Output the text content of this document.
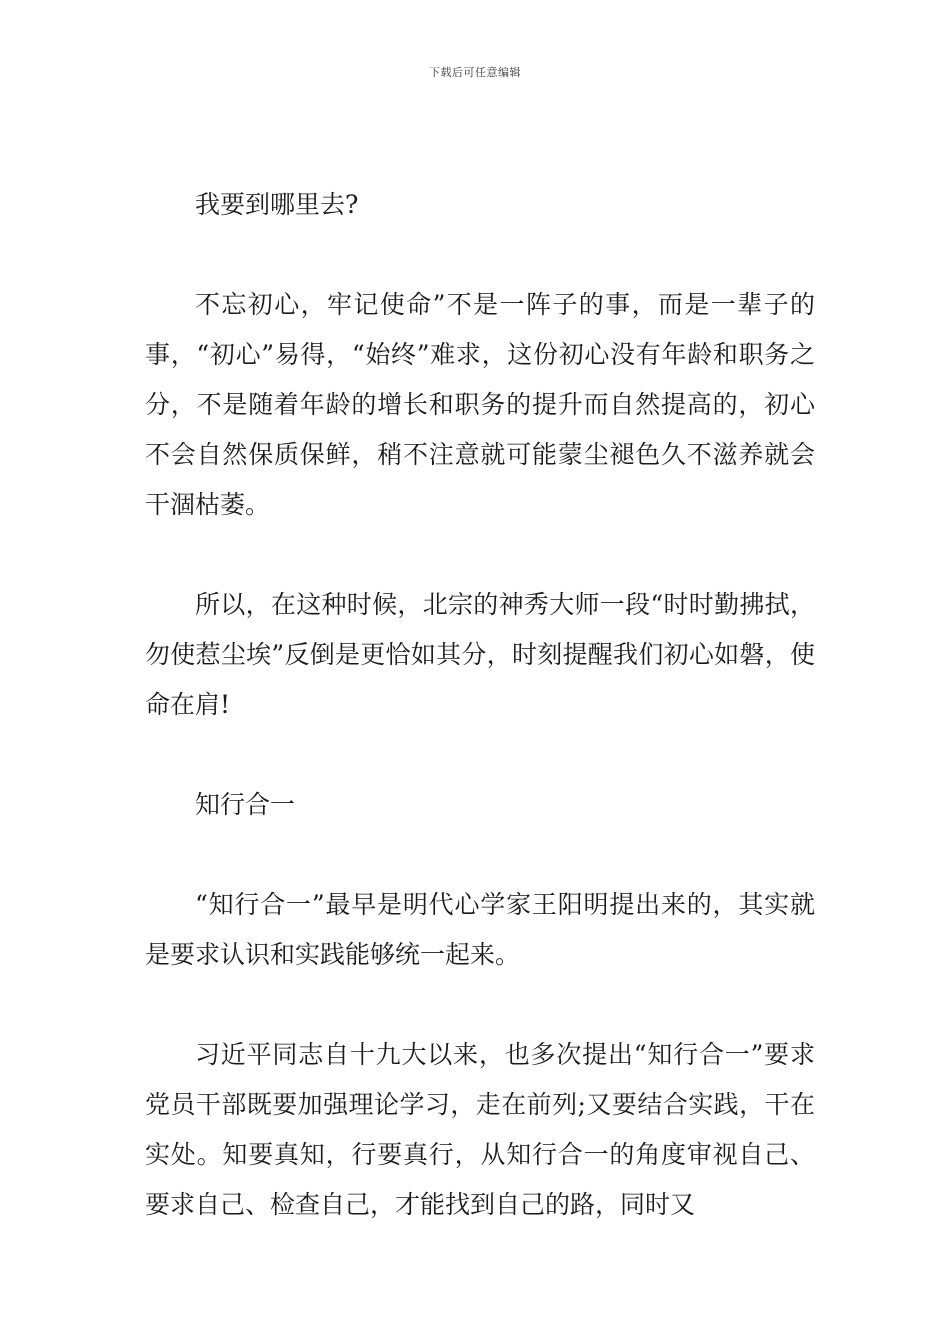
下载后可任意编辑

我要到哪里去?

不忘初心，牢记使命”不是一阵子的事，而是一辈子的事，“初心”易得，“始终”难求，这份初心没有年龄和职务之分，不是随着年龄的增长和职务的提升而自然提高的，初心不会自然保质保鲜，稍不注意就可能蒙尘褪色久不滋养就会干涸枯萎。

所以，在这种时候，北宗的神秀大师一段“时时勤拂拭，勿使惹尘埃”反倒是更恰如其分，时刻提醒我们初心如磐，使命在肩!

知行合一

“知行合一”最早是明代心学家王阳明提出来的，其实就是要求认识和实践能够统一起来。

习近平同志自十九大以来，也多次提出“知行合一”要求党员干部既要加强理论学习，走在前列;又要结合实践，干在实处。知要真知，行要真行，从知行合一的角度审视自己、要求自己、检查自己，才能找到自己的路，同时又
